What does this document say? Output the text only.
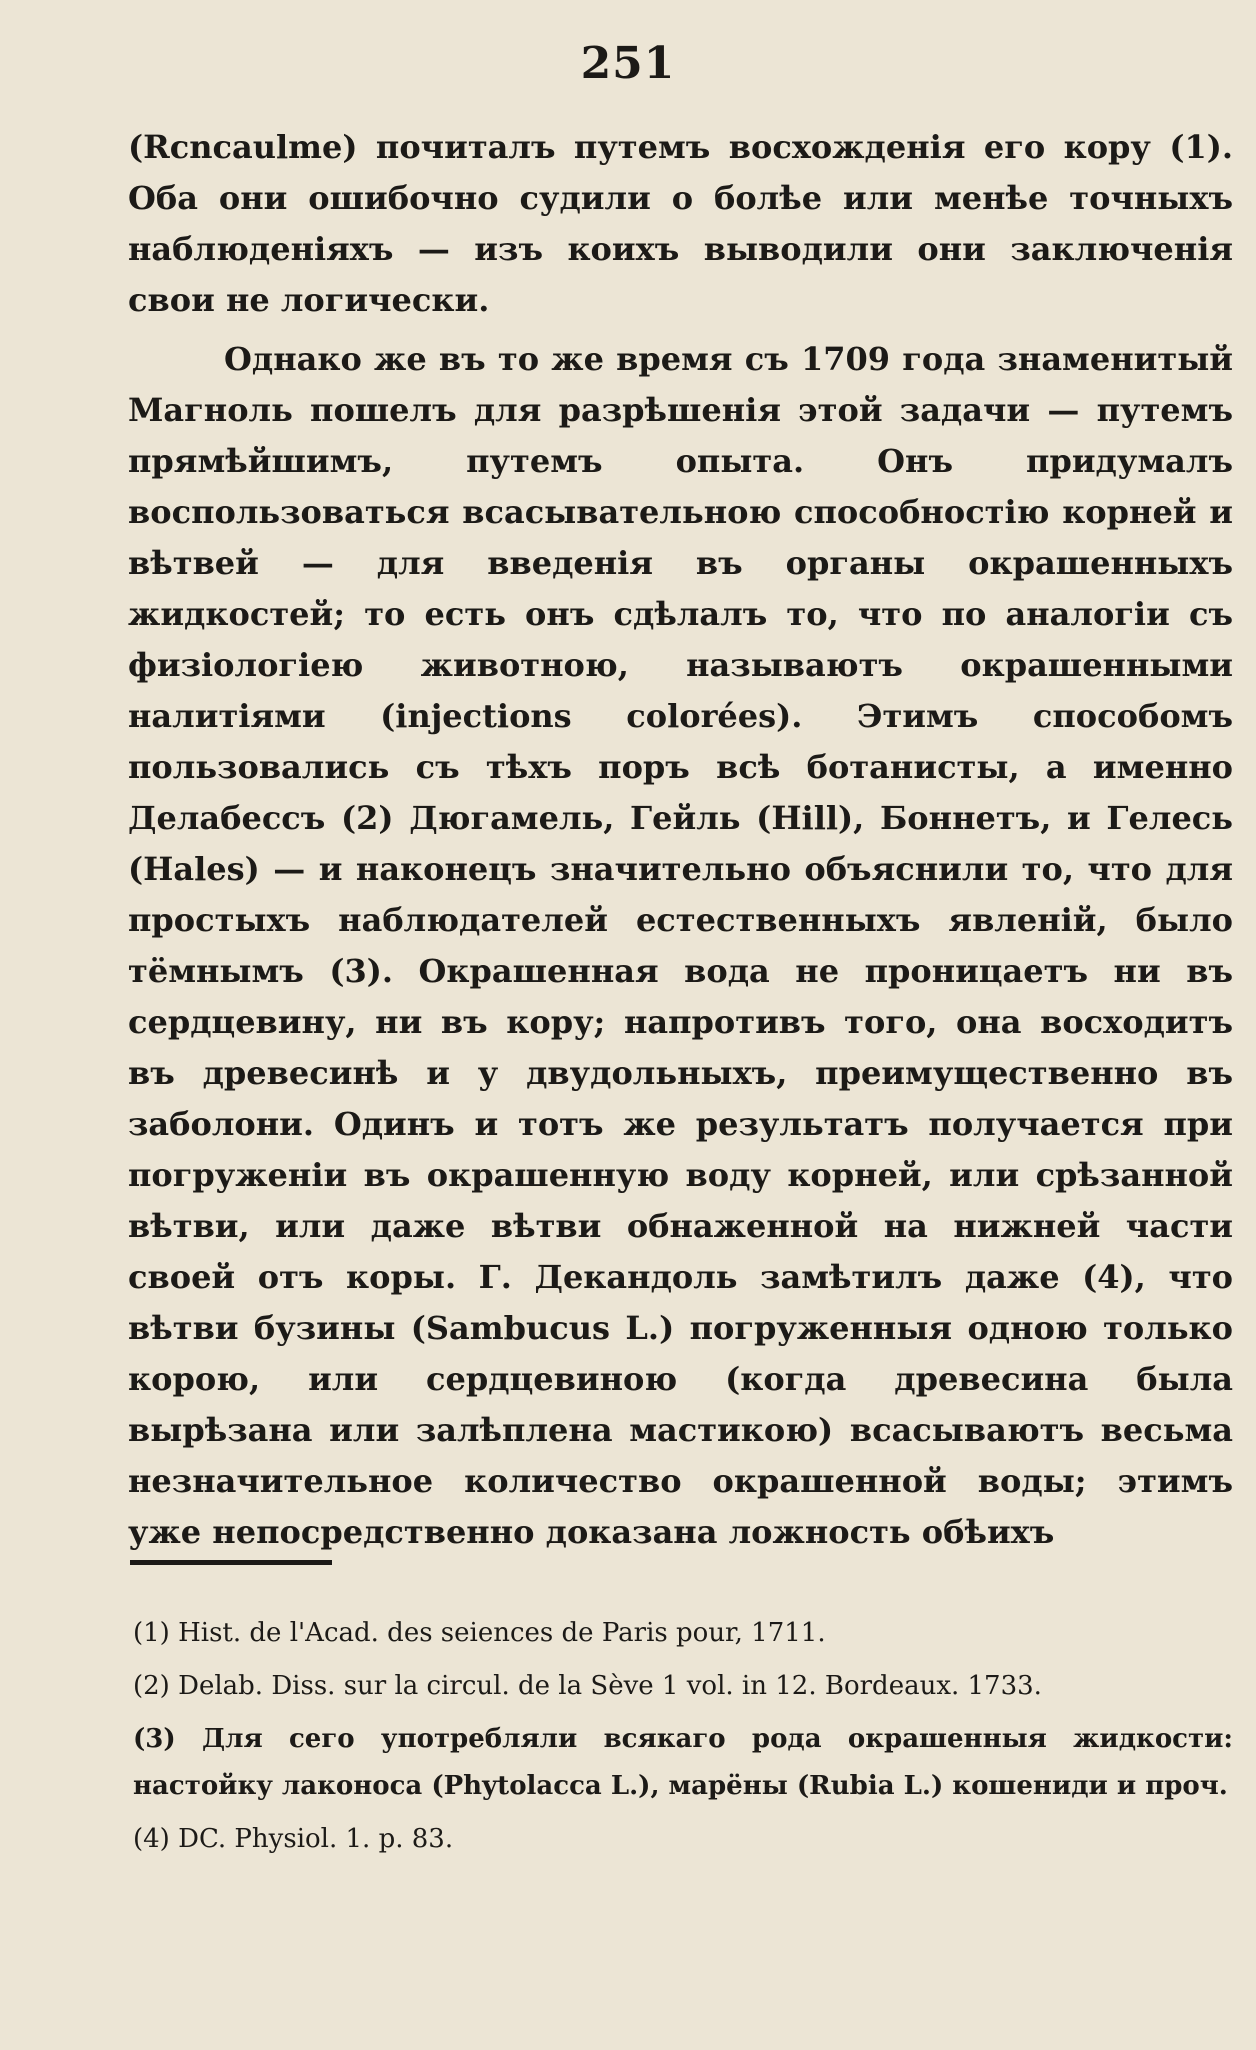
251

(Rcncaulme) почиталъ путемъ восхожденія его кору (1). Оба они ошибочно судили о болѣе или менѣе точныхъ наблюденіяхъ — изъ коихъ выводили они заключенія свои не логически.

Однако же въ то же время съ 1709 года знаменитый Магноль пошелъ для разрѣшенія этой задачи — путемъ прямѣйшимъ, путемъ опыта. Онъ придумалъ воспользоваться всасывательною способностію корней и вѣтвей — для введенія въ органы окрашенныхъ жидкостей; то есть онъ сдѣлалъ то, что по аналогіи съ физіологіею животною, называютъ окрашенными налитіями (injections colorées). Этимъ способомъ пользовались съ тѣхъ поръ всѣ ботанисты, а именно Делабессъ (2) Дюгамель, Гейль (Hill), Боннетъ, и Гелесь (Hales) — и наконецъ значительно объяснили то, что для простыхъ наблюдателей естественныхъ явленій, было тёмнымъ (3). Окрашенная вода не проницаетъ ни въ сердцевину, ни въ кору; напротивъ того, она восходитъ въ древесинѣ и у двудольныхъ, преимущественно въ заболони. Одинъ и тотъ же результатъ получается при погруженіи въ окрашенную воду корней, или срѣзанной вѣтви, или даже вѣтви обнаженной на нижней части своей отъ коры. Г. Декандоль замѣтилъ даже (4), что вѣтви бузины (Sambucus L.) погруженныя одною только корою, или сердцевиною (когда древесина была вырѣзана или залѣплена мастикою) всасываютъ весьма незначительное количество окрашенной воды; этимъ уже непосредственно доказана ложность обѣихъ

(1) Hist. de l'Acad. des seiences de Paris pour, 1711.

(2) Delab. Diss. sur la circul. de la Sève 1 vol. in 12. Bordeaux. 1733.

(3) Для сего употребляли всякаго рода окрашенныя жидкости: настойку лаконоса (Phytolacca L.), марёны (Rubia L.) кошениди и проч.

(4) DC. Physiol. 1. p. 83.
